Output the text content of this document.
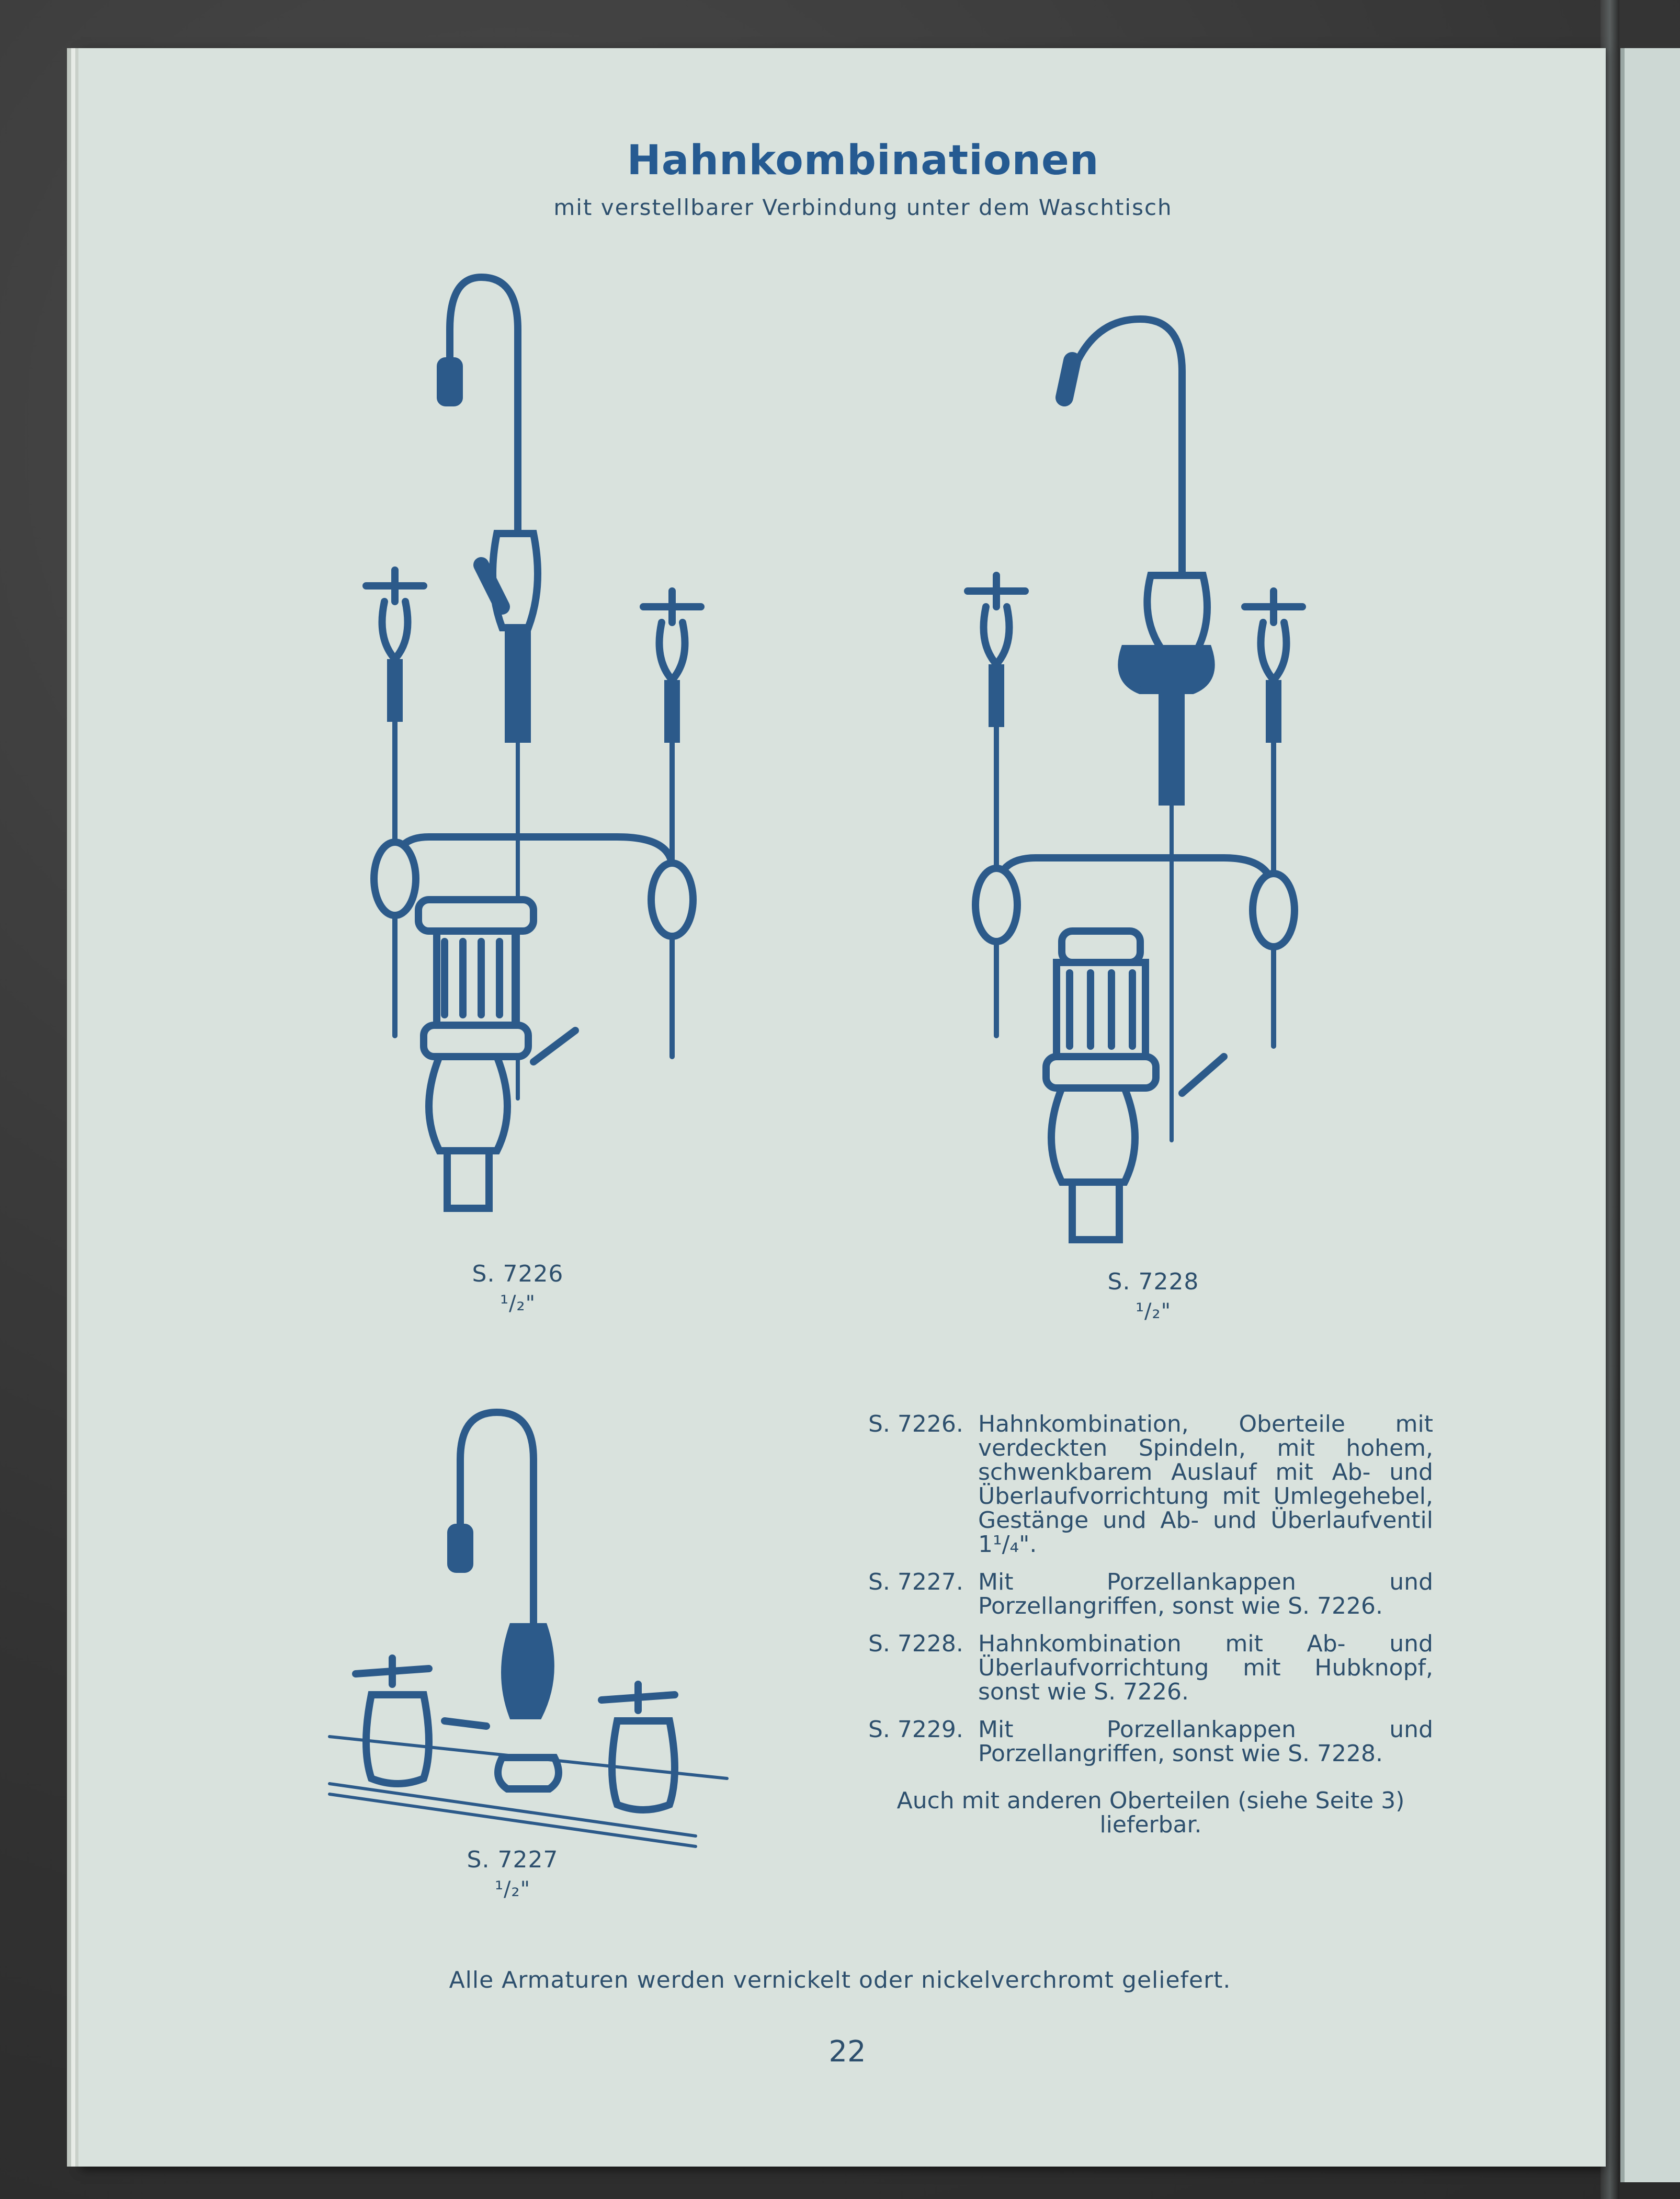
Hahnkombinationen
mit verstellbarer Verbindung unter dem Waschtisch
S. 7226
¹/₂"
S. 7228
¹/₂"
S. 7227
¹/₂"
S. 7226. Hahnkombination, Oberteile mit verdeckten Spindeln, mit hohem, schwenkbarem Auslauf mit Ab- und Überlaufvorrichtung mit Umlegehebel, Gestänge und Ab- und Überlaufventil 1¹/₄".
S. 7227. Mit Porzellankappen und Porzellangriffen, sonst wie S. 7226.
S. 7228. Hahnkombination mit Ab- und Überlaufvorrichtung mit Hubknopf, sonst wie S. 7226.
S. 7229. Mit Porzellankappen und Porzellangriffen, sonst wie S. 7228.
Auch mit anderen Oberteilen (siehe Seite 3) lieferbar.
Alle Armaturen werden vernickelt oder nickelverchromt geliefert.
22
